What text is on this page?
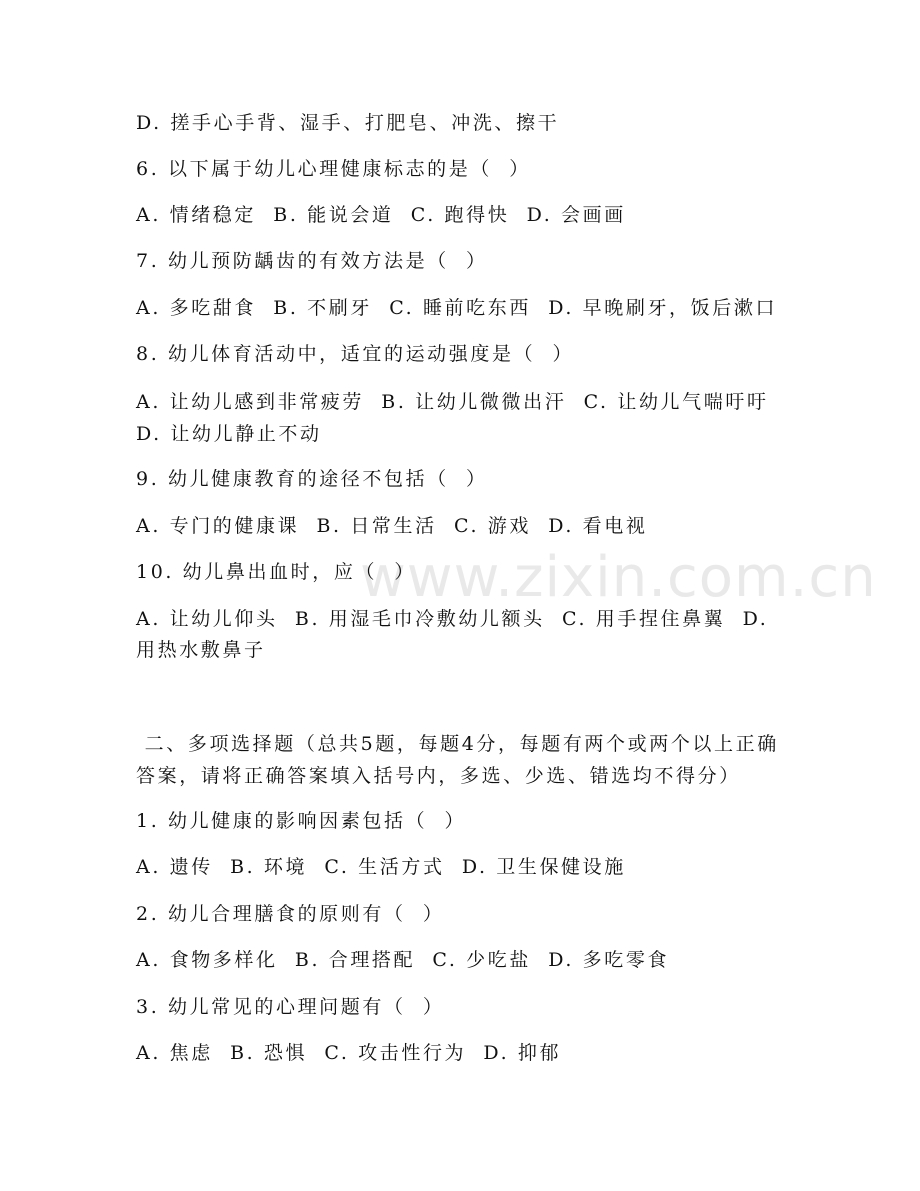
www.zixin.com.cn
D. 搓手心手背、湿手、打肥皂、冲洗、擦干
6. 以下属于幼儿心理健康标志的是（  ）
A. 情绪稳定  B. 能说会道  C. 跑得快  D. 会画画
7. 幼儿预防龋齿的有效方法是（  ）
A. 多吃甜食  B. 不刷牙  C. 睡前吃东西  D. 早晚刷牙，饭后漱口
8. 幼儿体育活动中，适宜的运动强度是（  ）
A. 让幼儿感到非常疲劳  B. 让幼儿微微出汗  C. 让幼儿气喘吁吁
D. 让幼儿静止不动
9. 幼儿健康教育的途径不包括（  ）
A. 专门的健康课  B. 日常生活  C. 游戏  D. 看电视
10. 幼儿鼻出血时，应（  ）
A. 让幼儿仰头  B. 用湿毛巾冷敷幼儿额头  C. 用手捏住鼻翼  D.
用热水敷鼻子
二、多项选择题（总共5题，每题4分，每题有两个或两个以上正确
答案，请将正确答案填入括号内，多选、少选、错选均不得分）
1. 幼儿健康的影响因素包括（  ）
A. 遗传  B. 环境  C. 生活方式  D. 卫生保健设施
2. 幼儿合理膳食的原则有（  ）
A. 食物多样化  B. 合理搭配  C. 少吃盐  D. 多吃零食
3. 幼儿常见的心理问题有（  ）
A. 焦虑  B. 恐惧  C. 攻击性行为  D. 抑郁
